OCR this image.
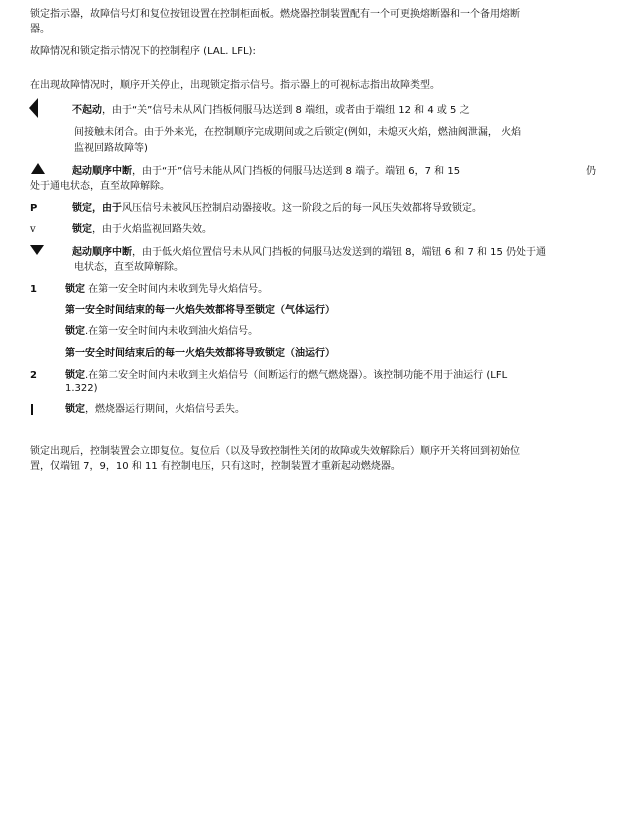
锁定指示器，故障信号灯和复位按钮设置在控制柜面板。燃烧器控制装置配有一个可更换熔断器和一个备用熔断
器。
故障情况和锁定指示情况下的控制程序 (LAL. LFL):
在出现故障情况时，顺序开关停止，出现锁定指示信号。指示器上的可视标志指出故障类型。
不起动，由于“关”信号未从风门挡板伺服马达送到 8 端纽，或者由于端纽 12 和 4 或 5 之
间接触未闭合。由于外来光，在控制顺序完成期间或之后锁定(例如，未熄灭火焰，燃油阀泄漏， 火焰
监视回路故障等)
起动顺序中断，由于“开”信号未能从风门挡板的伺服马达送到 8 端子。端钮 6，7 和 15	仍
处于通电状态，直至故障解除。
P	锁定，由于风压信号未被风压控制启动器接收。这一阶段之后的每一风压失效都将导致锁定。
v	锁定，由于火焰监视回路失效。
起动顺序中断，由于低火焰位置信号未从风门挡板的伺服马达发送到的端钮 8，端钮 6 和 7 和 15 仍处于通
电状态，直至故障解除。
1	锁定 在第一安全时间内未收到先导火焰信号。
第一安全时间结束的每一火焰失效都将导至锁定（气体运行）
锁定.在第一安全时间内未收到油火焰信号。
第一安全时间结束后的每一火焰失效都将导致锁定（油运行）
2	锁定.在第二安全时间内未收到主火焰信号（间断运行的燃气燃烧器）。该控制功能不用于油运行 (LFL
1.322)
锁定，燃烧器运行期间，火焰信号丢失。
锁定出现后，控制装置会立即复位。复位后（以及导致控制性关闭的故障或失效解除后）顺序开关将回到初始位
置，仅端钮 7，9，10 和 11 有控制电压，只有这时，控制装置才重新起动燃烧器。
